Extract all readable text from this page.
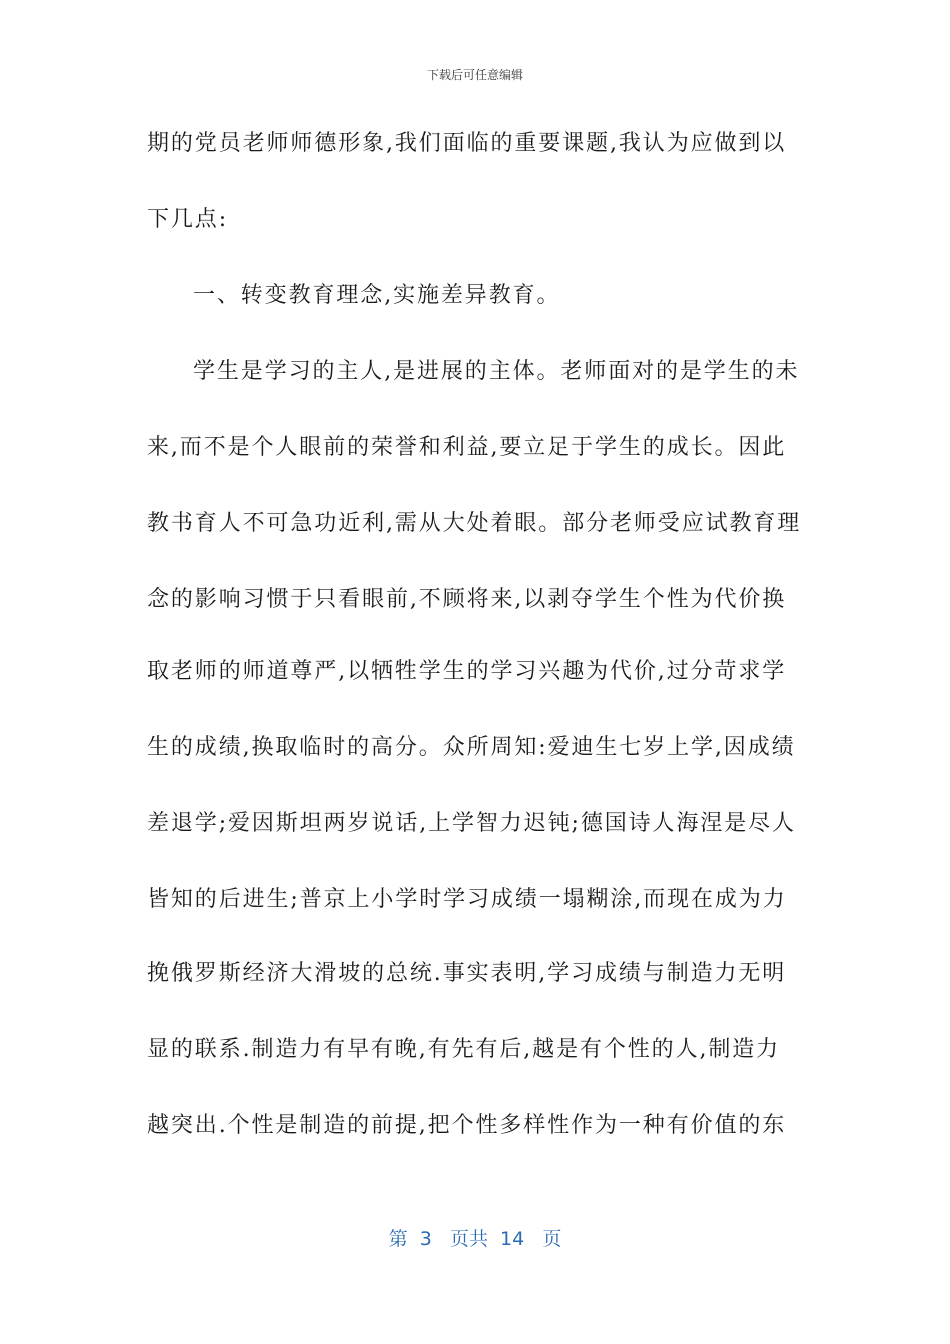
下载后可任意编辑
期的党员老师师德形象,我们面临的重要课题,我认为应做到以
下几点:
一、转变教育理念,实施差异教育。
学生是学习的主人,是进展的主体。老师面对的是学生的未
来,而不是个人眼前的荣誉和利益,要立足于学生的成长。因此
教书育人不可急功近利,需从大处着眼。部分老师受应试教育理
念的影响习惯于只看眼前,不顾将来,以剥夺学生个性为代价换
取老师的师道尊严,以牺牲学生的学习兴趣为代价,过分苛求学
生的成绩,换取临时的高分。众所周知:爱迪生七岁上学,因成绩
差退学;爱因斯坦两岁说话,上学智力迟钝;德国诗人海涅是尽人
皆知的后进生;普京上小学时学习成绩一塌糊涂,而现在成为力
挽俄罗斯经济大滑坡的总统.事实表明,学习成绩与制造力无明
显的联系.制造力有早有晚,有先有后,越是有个性的人,制造力
越突出.个性是制造的前提,把个性多样性作为一种有价值的东
第  3   页共  14   页
